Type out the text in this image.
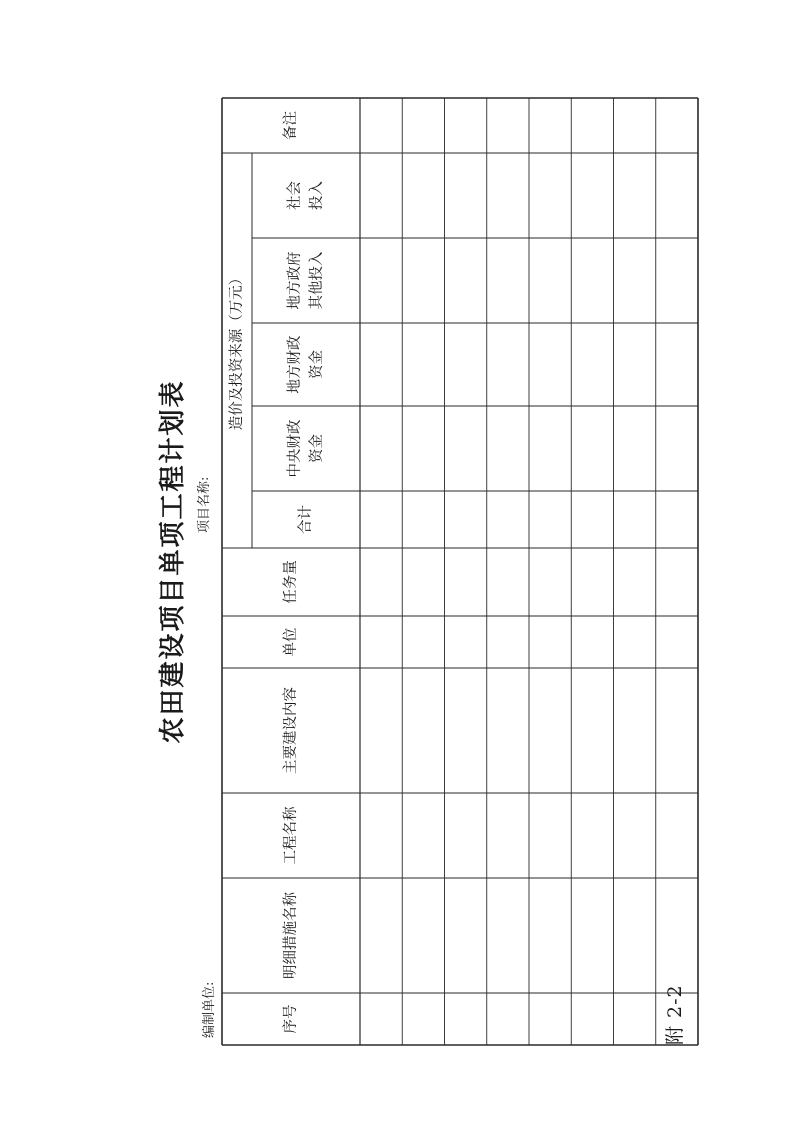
附 2-2
农田建设项目单项工程计划表
编制单位:
项目名称:
序号
明细措施名称
工程名称
主要建设内容
单位
任务量
造价及投资来源（万元）
合计
中央财政
资金
地方财政
资金
地方政府
其他投入
社会
投入
备注
